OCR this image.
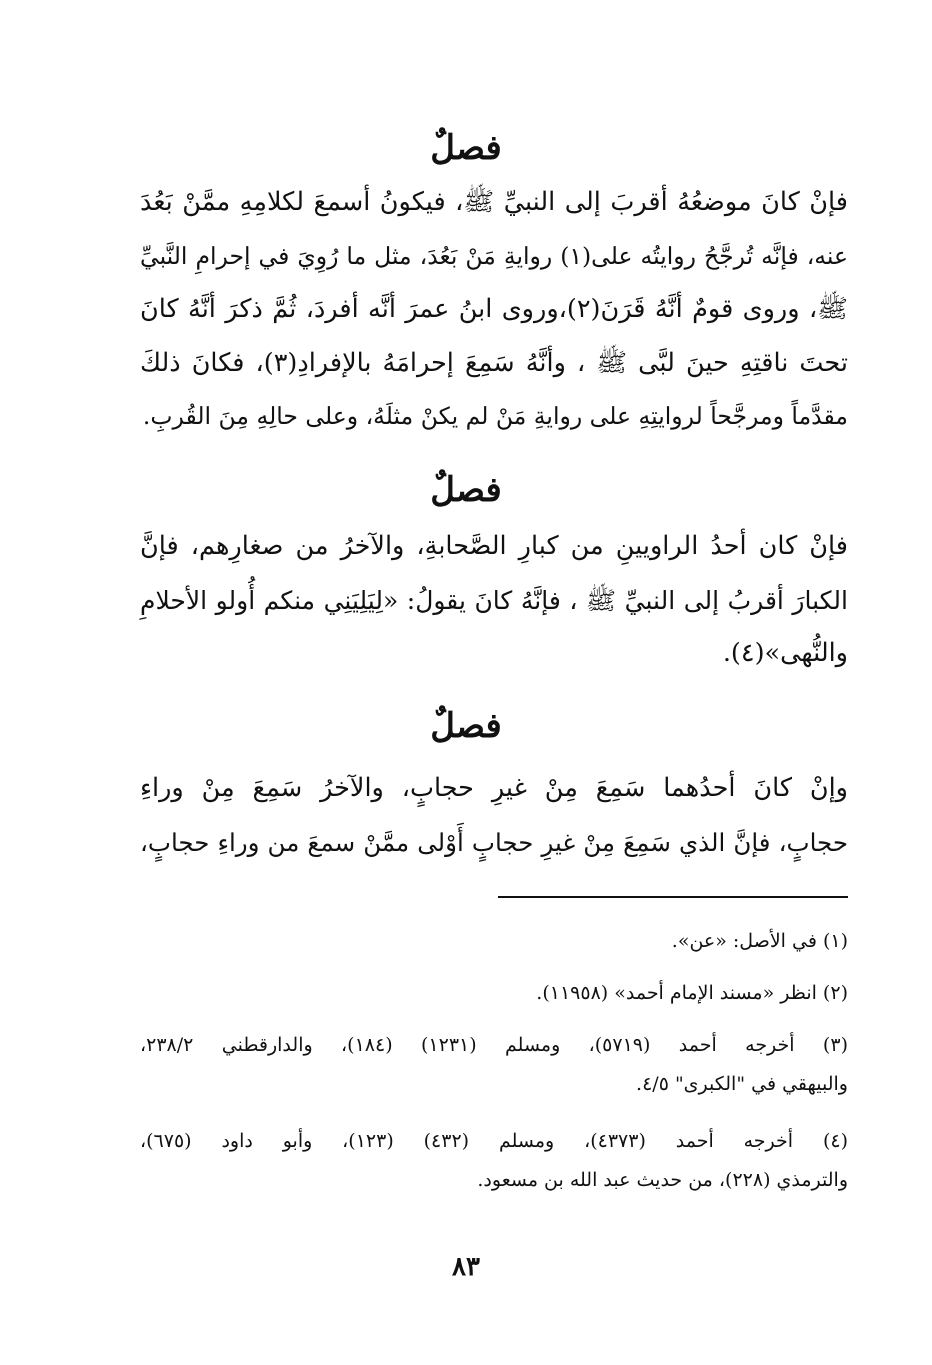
فصلٌ
فإنْ كانَ موضعُهُ أقربَ إلى النبيِّ ﷺ، فيكونُ أسمعَ لكلامِهِ ممَّنْ بَعُدَ
عنه، فإنَّه تُرجَّحُ روايتُه على(١) روايةِ مَنْ بَعُدَ، مثل ما رُوِيَ في إحرامِ النَّبيِّ
ﷺ، وروى قومٌ أنَّهُ قَرَنَ(٢)،وروى ابنُ عمرَ أنَّه أفردَ، ثُمَّ ذكرَ أنَّهُ كانَ
تحتَ ناقتِهِ حينَ لبَّى ﷺ ، وأنَّهُ سَمِعَ إحرامَهُ بالإفرادِ(٣)، فكانَ ذلكَ
مقدَّماً ومرجَّحاً لروايتِهِ على روايةِ مَنْ لم يكنْ مثلَهُ، وعلى حالِهِ مِنَ القُربِ.
فصلٌ
فإنْ كان أحدُ الراويينِ من كبارِ الصَّحابةِ، والآخرُ من صغارِهم، فإنَّ
الكبارَ أقربُ إلى النبيِّ ﷺ ، فإنَّهُ كانَ يقولُ: «لِيَلِيَنِي منكم أُولو الأحلامِ
والنُّهى»(٤).
فصلٌ
وإنْ كانَ أحدُهما سَمِعَ مِنْ غيرِ حجابٍ، والآخرُ سَمِعَ مِنْ وراءِ
حجابٍ، فإنَّ الذي سَمِعَ مِنْ غيرِ حجابٍ أَوْلى ممَّنْ سمعَ من وراءِ حجابٍ،
(١) في الأصل: «عن».
(٢) انظر «مسند الإمام أحمد» (١١٩٥٨).
(٣) أخرجه أحمد (٥٧١٩)، ومسلم (١٢٣١) (١٨٤)، والدارقطني ٢٣٨/٢،
والبيهقي في "الكبرى" ٤/٥.
(٤) أخرجه أحمد (٤٣٧٣)، ومسلم (٤٣٢) (١٢٣)، وأبو داود (٦٧٥)،
والترمذي (٢٢٨)، من حديث عبد الله بن مسعود.
٨٣
